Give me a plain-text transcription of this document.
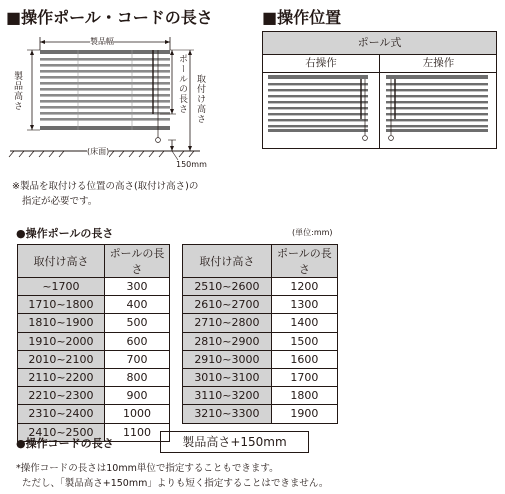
■操作ポール・コードの長さ	■操作位置
製品幅
製品高さ	ポールの長さ 取付け高さ
(床面)
150mm
※製品を取付ける位置の高さ(取付け高さ)の
指定が必要です。
ポール式
右操作	左操作
●操作ポールの長さ	(単位:mm)
取付け高さ	ポールの長さ
~1700	300
1710~1800	400
1810~1900	500
1910~2000	600
2010~2100	700
2110~2200	800
2210~2300	900
2310~2400	1000
2410~2500	1100
取付け高さ	ポールの長さ
2510~2600	1200
2610~2700	1300
2710~2800	1400
2810~2900	1500
2910~3000	1600
3010~3100	1700
3110~3200	1800
3210~3300	1900
●操作コードの長さ	製品高さ+150mm
*操作コードの長さは10mm単位で指定することもできます。
ただし、「製品高さ+150mm」よりも短く指定することはできません。
